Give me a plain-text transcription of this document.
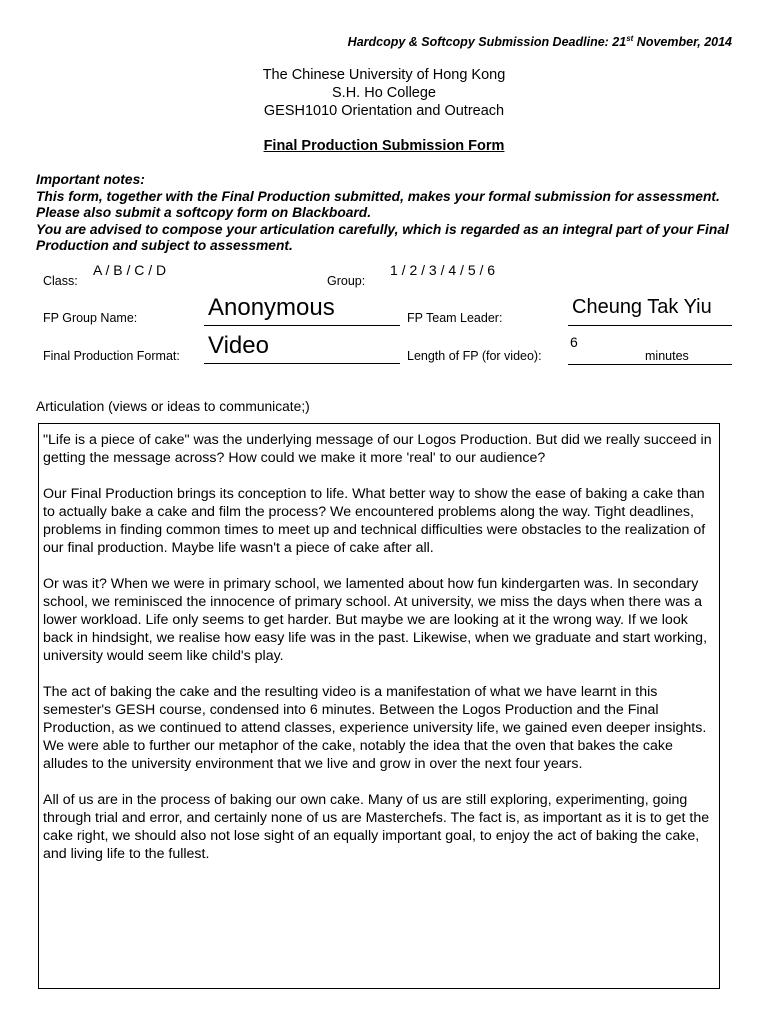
Hardcopy & Softcopy Submission Deadline: 21st November, 2014
The Chinese University of Hong Kong
S.H. Ho College
GESH1010 Orientation and Outreach
Final Production Submission Form
Important notes:
This form, together with the Final Production submitted, makes your formal submission for assessment.
Please also submit a softcopy form on Blackboard.
You are advised to compose your articulation carefully, which is regarded as an integral part of your Final Production and subject to assessment.
Class:
A / B / C / D
Group:
1 / 2 / 3 / 4 / 5 / 6
FP Group Name:	Anonymous	FP Team Leader:	Cheung Tak Yiu
Final Production Format: Video	Length of FP (for video):
6
minutes
Articulation (views or ideas to communicate;)

"Life is a piece of cake" was the underlying message of our Logos Production. But did we really succeed in getting the message across? How could we make it more 'real' to our audience?

Our Final Production brings its conception to life. What better way to show the ease of baking a cake than to actually bake a cake and film the process? We encountered problems along the way. Tight deadlines, problems in finding common times to meet up and technical difficulties were obstacles to the realization of our final production. Maybe life wasn't a piece of cake after all.

Or was it? When we were in primary school, we lamented about how fun kindergarten was. In secondary school, we reminisced the innocence of primary school. At university, we miss the days when there was a lower workload. Life only seems to get harder. But maybe we are looking at it the wrong way. If we look back in hindsight, we realise how easy life was in the past. Likewise, when we graduate and start working, university would seem like child's play.

The act of baking the cake and the resulting video is a manifestation of what we have learnt in this semester's GESH course, condensed into 6 minutes. Between the Logos Production and the Final Production, as we continued to attend classes, experience university life, we gained even deeper insights. We were able to further our metaphor of the cake, notably the idea that the oven that bakes the cake alludes to the university environment that we live and grow in over the next four years.

All of us are in the process of baking our own cake. Many of us are still exploring, experimenting, going through trial and error, and certainly none of us are Masterchefs. The fact is, as important as it is to get the cake right, we should also not lose sight of an equally important goal, to enjoy the act of baking the cake, and living life to the fullest.
